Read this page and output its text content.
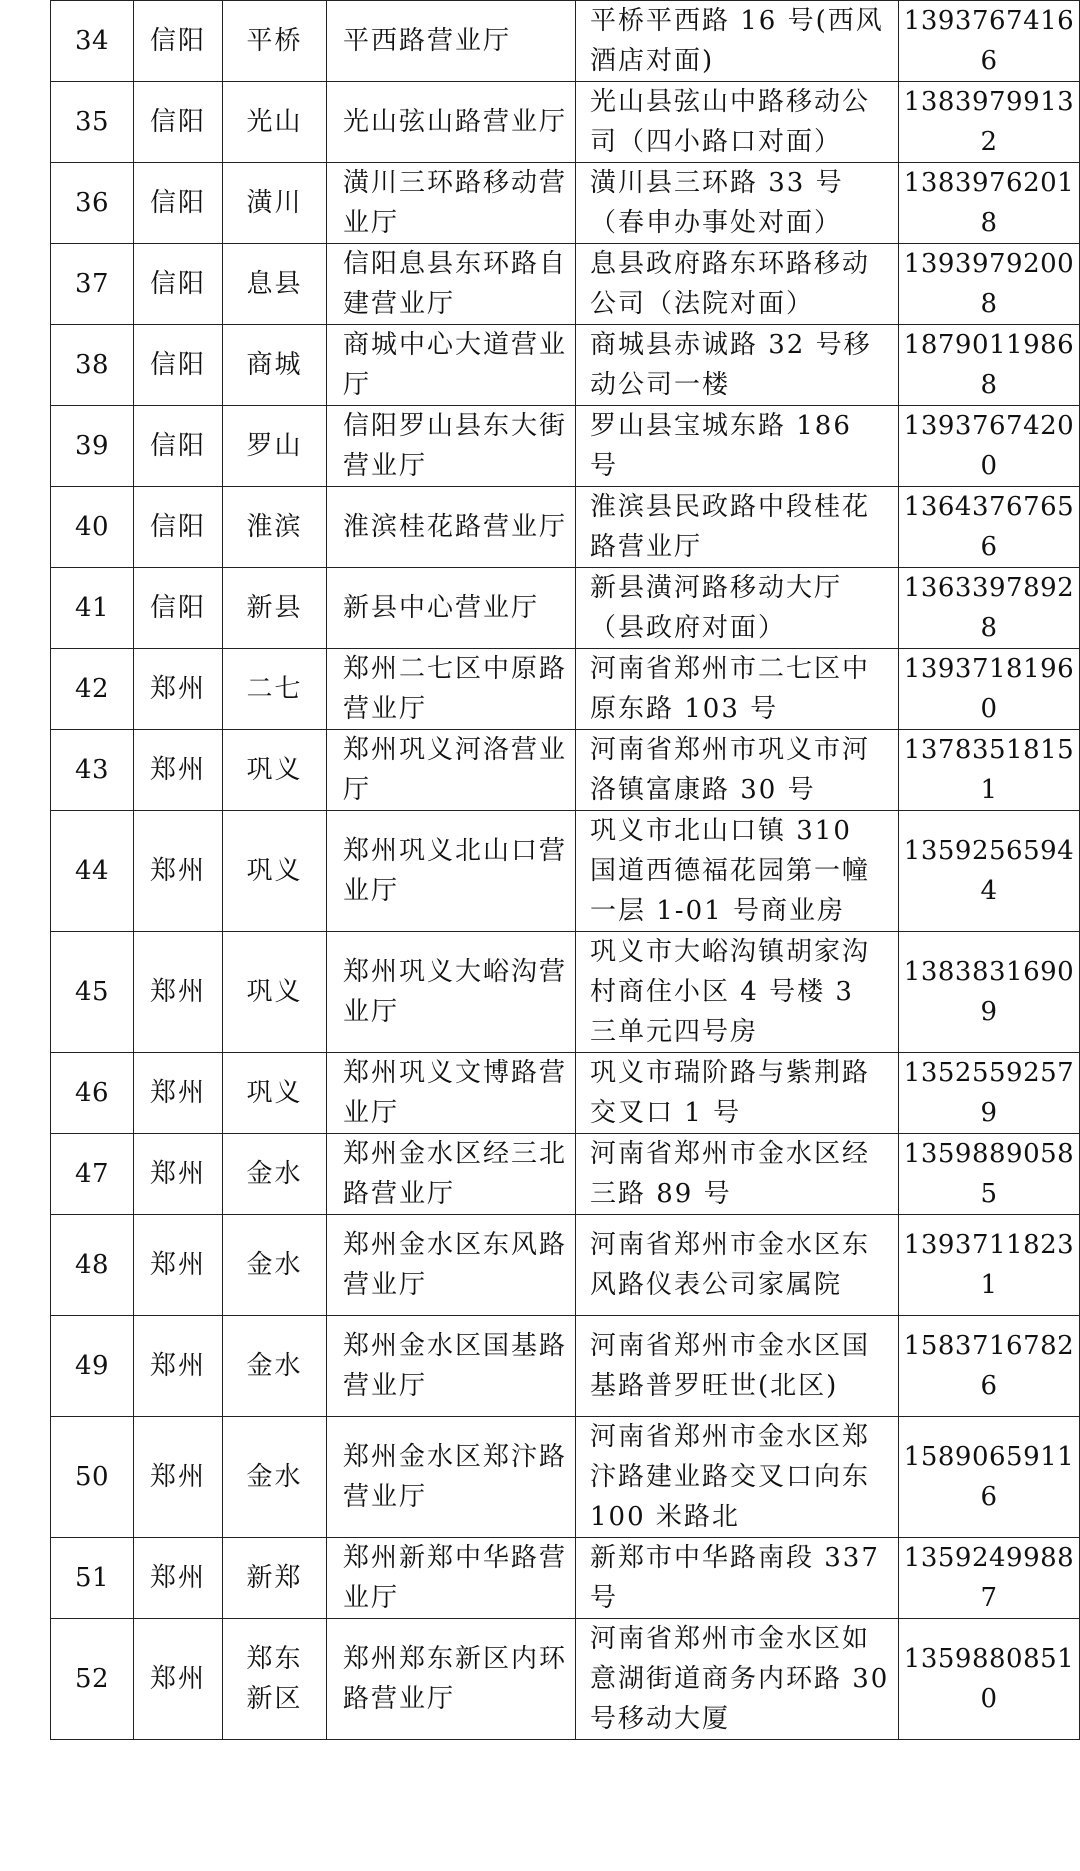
34	信阳	平桥	平西路营业厅	平桥平西路 16 号(西风酒店对面)	13937674166

35	信阳	光山	光山弦山路营业厅	光山县弦山中路移动公司（四小路口对面）	13839799132

36	信阳	潢川	潢川三环路移动营业厅	潢川县三环路 33 号（春申办事处对面）	13839762018

37	信阳	息县	信阳息县东环路自建营业厅	息县政府路东环路移动公司（法院对面）	13939792008

38	信阳	商城	商城中心大道营业厅	商城县赤诚路 32 号移动公司一楼	18790119868

39	信阳	罗山	信阳罗山县东大街营业厅	罗山县宝城东路 186 号	13937674200

40	信阳	淮滨	淮滨桂花路营业厅	淮滨县民政路中段桂花路营业厅	13643767656

41	信阳	新县	新县中心营业厅	新县潢河路移动大厅（县政府对面）	13633978928

42	郑州	二七	郑州二七区中原路营业厅	河南省郑州市二七区中原东路 103 号	13937181960

43	郑州	巩义	郑州巩义河洛营业厅	河南省郑州市巩义市河洛镇富康路 30 号	13783518151

44	郑州	巩义	郑州巩义北山口营业厅	巩义市北山口镇 310 国道西德福花园第一幢一层 1-01 号商业房	13592565944

45	郑州	巩义	郑州巩义大峪沟营业厅	巩义市大峪沟镇胡家沟村商住小区 4 号楼 3 三单元四号房	13838316909

46	郑州	巩义	郑州巩义文博路营业厅	巩义市瑞阶路与紫荆路交叉口 1 号	13525592579

47	郑州	金水	郑州金水区经三北路营业厅	河南省郑州市金水区经三路 89 号	13598890585

48	郑州	金水	郑州金水区东风路营业厅	河南省郑州市金水区东风路仪表公司家属院	13937118231

49	郑州	金水	郑州金水区国基路营业厅	河南省郑州市金水区国基路普罗旺世(北区)	15837167826

50	郑州	金水	郑州金水区郑汴路营业厅	河南省郑州市金水区郑汴路建业路交叉口向东 100 米路北	15890659116

51	郑州	新郑	郑州新郑中华路营业厅	新郑市中华路南段 337 号	13592499887

52	郑州	郑东新区	郑州郑东新区内环路营业厅	河南省郑州市金水区如意湖街道商务内环路 30 号移动大厦	13598808510
